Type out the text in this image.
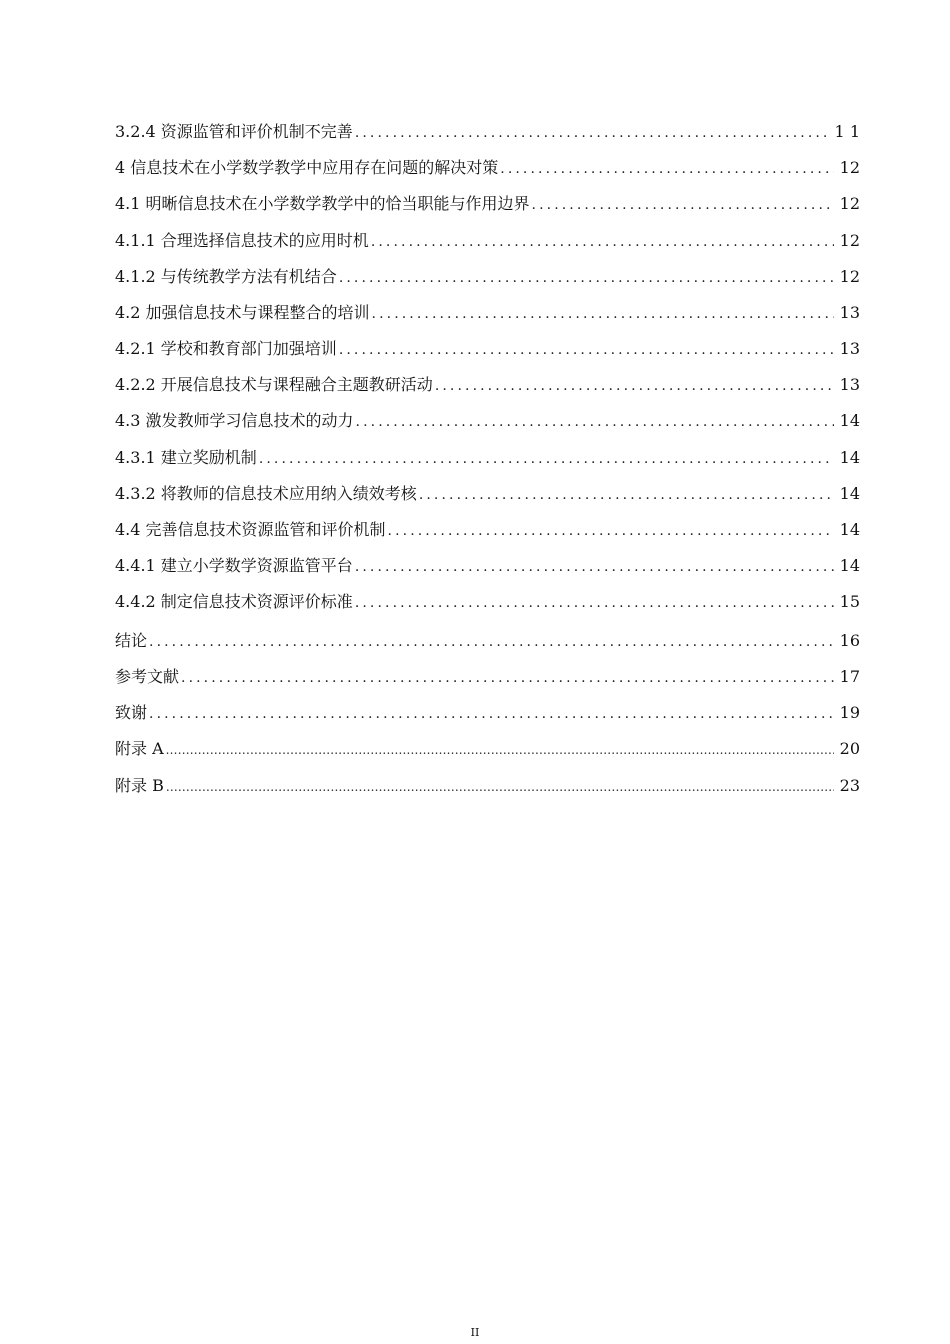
3.2.4 资源监管和评价机制不完善 .....	1 1
4 信息技术在小学数学教学中应用存在问题的解决对策 .....	12
4.1 明晰信息技术在小学数学教学中的恰当职能与作用边界 .....	12
4.1.1 合理选择信息技术的应用时机 .....	12
4.1.2 与传统教学方法有机结合 .....	12
4.2 加强信息技术与课程整合的培训 .....	13
4.2.1 学校和教育部门加强培训 .....	13
4.2.2 开展信息技术与课程融合主题教研活动 .....	13
4.3 激发教师学习信息技术的动力 .....	14
4.3.1 建立奖励机制 .....	14
4.3.2 将教师的信息技术应用纳入绩效考核 .....	14
4.4 完善信息技术资源监管和评价机制 .....	14
4.4.1 建立小学数学资源监管平台 .....	14
4.4.2 制定信息技术资源评价标准 .....	15
结论 .....	16
参考文献 .....	17
致谢 .....	19
附录 A .....	20
附录 B .....	23
II
